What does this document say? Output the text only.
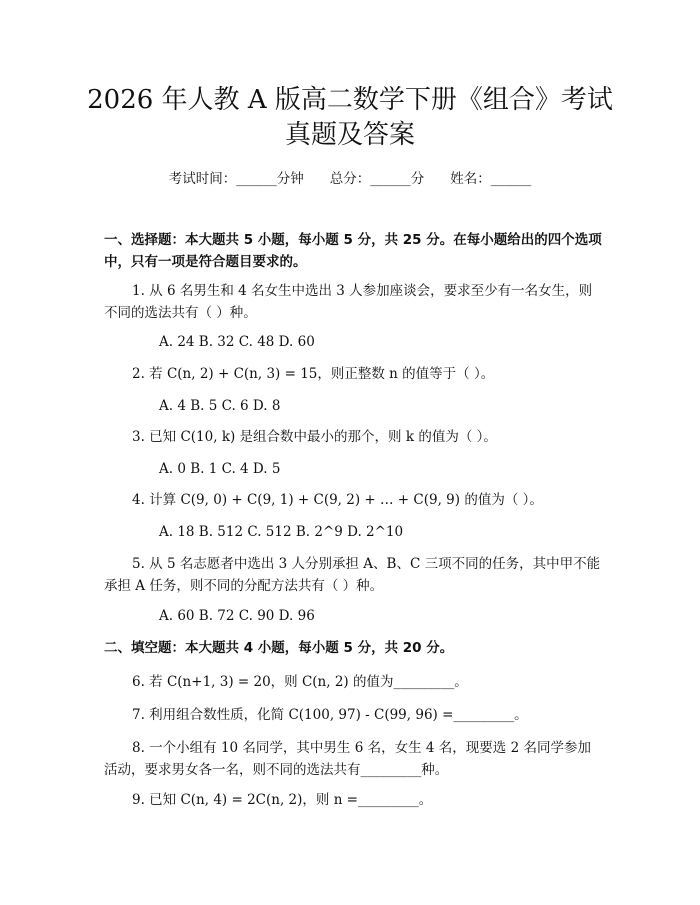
2026 年人教 A 版高二数学下册《组合》考试
真题及答案
考试时间：______分钟 总分：______分 姓名：______
一、选择题：本大题共 5 小题，每小题 5 分，共 25 分。在每小题给出的四个选项
中，只有一项是符合题目要求的。
1. 从 6 名男生和 4 名女生中选出 3 人参加座谈会，要求至少有一名女生，则
不同的选法共有（ ）种。
A. 24 B. 32 C. 48 D. 60
2. 若 C(n, 2) + C(n, 3) = 15，则正整数 n 的值等于（ ）。
A. 4 B. 5 C. 6 D. 8
3. 已知 C(10, k) 是组合数中最小的那个，则 k 的值为（ ）。
A. 0 B. 1 C. 4 D. 5
4. 计算 C(9, 0) + C(9, 1) + C(9, 2) + … + C(9, 9) 的值为（ ）。
A. 18 B. 512 C. 512 B. 2^9 D. 2^10
5. 从 5 名志愿者中选出 3 人分别承担 A、B、C 三项不同的任务，其中甲不能
承担 A 任务，则不同的分配方法共有（ ）种。
A. 60 B. 72 C. 90 D. 96
二、填空题：本大题共 4 小题，每小题 5 分，共 20 分。
6. 若 C(n+1, 3) = 20，则 C(n, 2) 的值为_________。
7. 利用组合数性质，化简 C(100, 97) - C(99, 96) =_________。
8. 一个小组有 10 名同学，其中男生 6 名，女生 4 名，现要选 2 名同学参加
活动，要求男女各一名，则不同的选法共有_________种。
9. 已知 C(n, 4) = 2C(n, 2)，则 n =_________。
